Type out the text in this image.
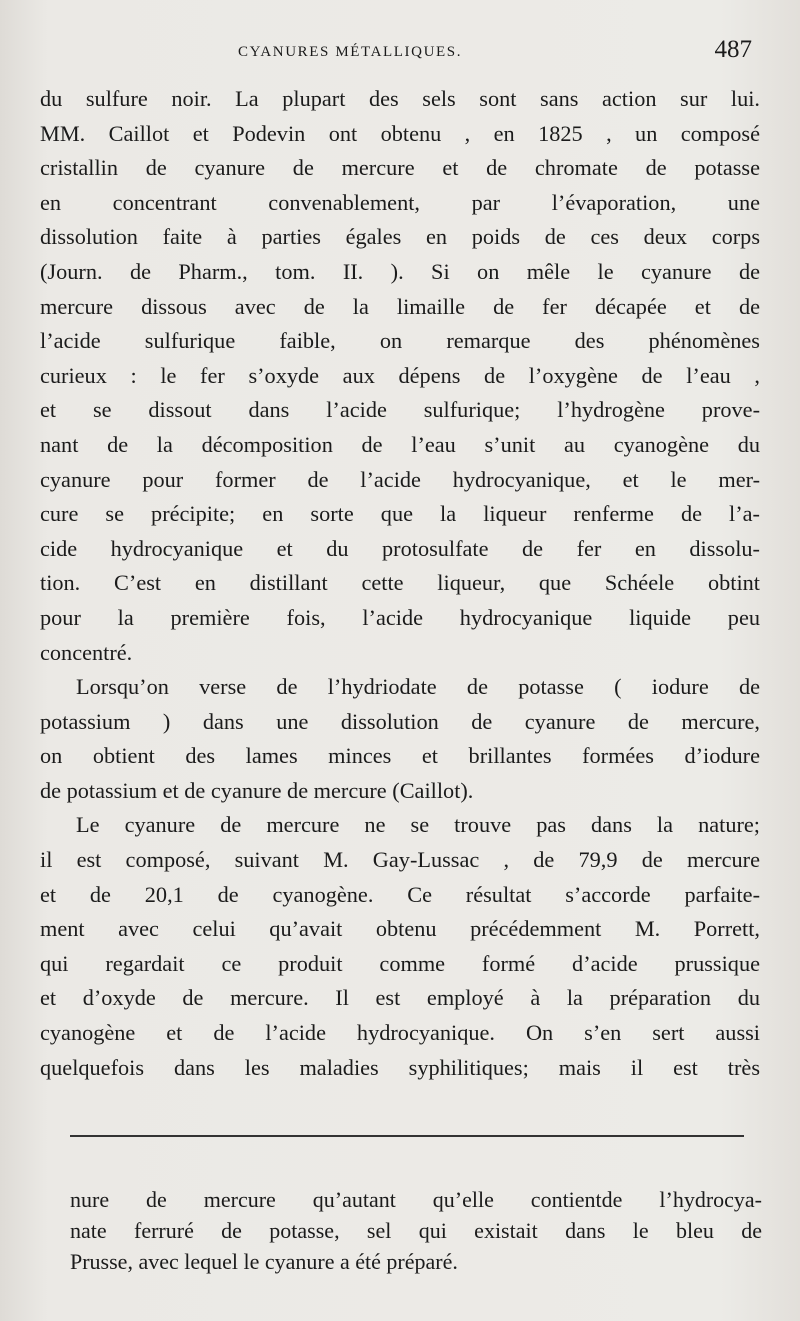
CYANURES MÉTALLIQUES.	487
du sulfure noir. La plupart des sels sont sans action sur lui.
MM. Caillot et Podevin ont obtenu , en 1825 , un composé
cristallin de cyanure de mercure et de chromate de potasse
en concentrant convenablement, par l’évaporation, une
dissolution faite à parties égales en poids de ces deux corps
(Journ. de Pharm., tom. II. ). Si on mêle le cyanure de
mercure dissous avec de la limaille de fer décapée et de
l’acide sulfurique faible, on remarque des phénomènes
curieux : le fer s’oxyde aux dépens de l’oxygène de l’eau ,
et se dissout dans l’acide sulfurique; l’hydrogène prove-
nant de la décomposition de l’eau s’unit au cyanogène du
cyanure pour former de l’acide hydrocyanique, et le mer-
cure se précipite; en sorte que la liqueur renferme de l’a-
cide hydrocyanique et du protosulfate de fer en dissolu-
tion. C’est en distillant cette liqueur, que Schéele obtint
pour la première fois, l’acide hydrocyanique liquide peu
concentré.
Lorsqu’on verse de l’hydriodate de potasse ( iodure de
potassium ) dans une dissolution de cyanure de mercure,
on obtient des lames minces et brillantes formées d’iodure
de potassium et de cyanure de mercure (Caillot).
Le cyanure de mercure ne se trouve pas dans la nature;
il est composé, suivant M. Gay-Lussac , de 79,9 de mercure
et de 20,1 de cyanogène. Ce résultat s’accorde parfaite-
ment avec celui qu’avait obtenu précédemment M. Porrett,
qui regardait ce produit comme formé d’acide prussique
et d’oxyde de mercure. Il est employé à la préparation du
cyanogène et de l’acide hydrocyanique. On s’en sert aussi
quelquefois dans les maladies syphilitiques; mais il est très
nure de mercure qu’autant qu’elle contientde l’hydrocya-
nate ferruré de potasse, sel qui existait dans le bleu de
Prusse, avec lequel le cyanure a été préparé.
